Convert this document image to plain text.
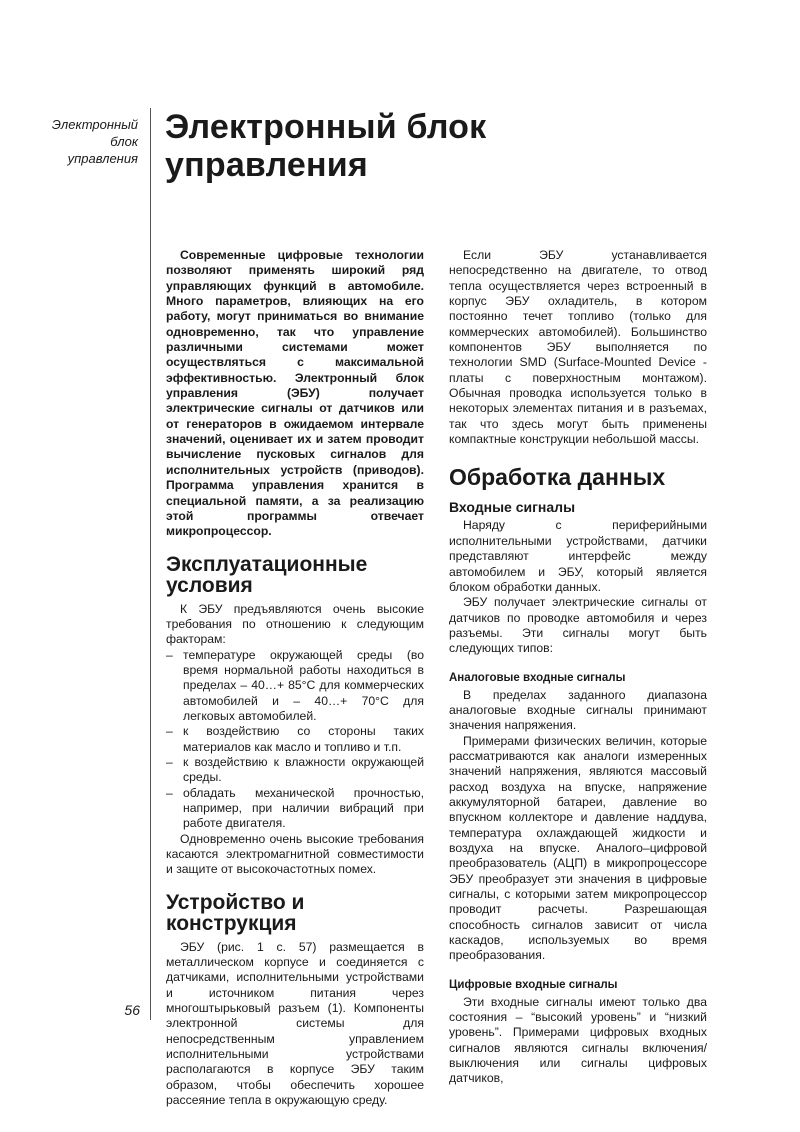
Электронный
блок
управления
56
Электронный блок
управления

Современные цифровые технологии позволяют применять широкий ряд управляющих функций в автомобиле. Много параметров, влияющих на его работу, могут приниматься во внимание одновременно, так что управление различными системами может осуществляться с максимальной эффективностью. Электронный блок управления (ЭБУ) получает электрические сигналы от датчиков или от генераторов в ожидаемом интервале значений, оценивает их и затем проводит вычисление пусковых сигналов для исполнительных устройств (приводов). Программа управления хранится в специальной памяти, а за реализацию этой программы отвечает микропроцессор.

Эксплуатационные
условия

К ЭБУ предъявляются очень высокие требования по отношению к следующим факторам:

– температуре окружающей среды (во время нормальной работы находиться в пределах – 40…+ 85°C для коммерческих автомобилей и – 40…+ 70°C для легковых автомобилей.
– к воздействию со стороны таких материалов как масло и топливо и т.п.
– к воздействию к влажности окружающей среды.
– обладать механической прочностью, например, при наличии вибраций при работе двигателя.

Одновременно очень высокие требования касаются электромагнитной совместимости и защите от высокочастотных помех.

Устройство и
конструкция

ЭБУ (рис. 1 с. 57) размещается в металлическом корпусе и соединяется с датчиками, исполнительными устройствами и источником питания через многоштырьковый разъем (1). Компоненты электронной системы для непосредственным управлением исполнительными устройствами располагаются в корпусе ЭБУ таким образом, чтобы обеспечить хорошее рассеяние тепла в окружающую среду.

Если ЭБУ устанавливается непосредственно на двигателе, то отвод тепла осуществляется через встроенный в корпус ЭБУ охладитель, в котором постоянно течет топливо (только для коммерческих автомобилей). Большинство компонентов ЭБУ выполняется по технологии SMD (Surface-Mounted Device - платы с поверхностным монтажом). Обычная проводка используется только в некоторых элементах питания и в разъемах, так что здесь могут быть применены компактные конструкции небольшой массы.

Обработка данных
Входные сигналы

Наряду с периферийными исполнительными устройствами, датчики представляют интерфейс между автомобилем и ЭБУ, который является блоком обработки данных.

ЭБУ получает электрические сигналы от датчиков по проводке автомобиля и через разъемы. Эти сигналы могут быть следующих типов:

Аналоговые входные сигналы

В пределах заданного диапазона аналоговые входные сигналы принимают значения напряжения.

Примерами физических величин, которые рассматриваются как аналоги измеренных значений напряжения, являются массовый расход воздуха на впуске, напряжение аккумуляторной батареи, давление во впускном коллекторе и давление наддува, температура охлаждающей жидкости и воздуха на впуске. Аналого–цифровой преобразователь (АЦП) в микропроцессоре ЭБУ преобразует эти значения в цифровые сигналы, с которыми затем микропроцессор проводит расчеты. Разрешающая способность сигналов зависит от числа каскадов, используемых во время преобразования.

Цифровые входные сигналы

Эти входные сигналы имеют только два состояния – “высокий уровень” и “низкий уровень”. Примерами цифровых входных сигналов являются сигналы включения/выключения или сигналы цифровых датчиков,
